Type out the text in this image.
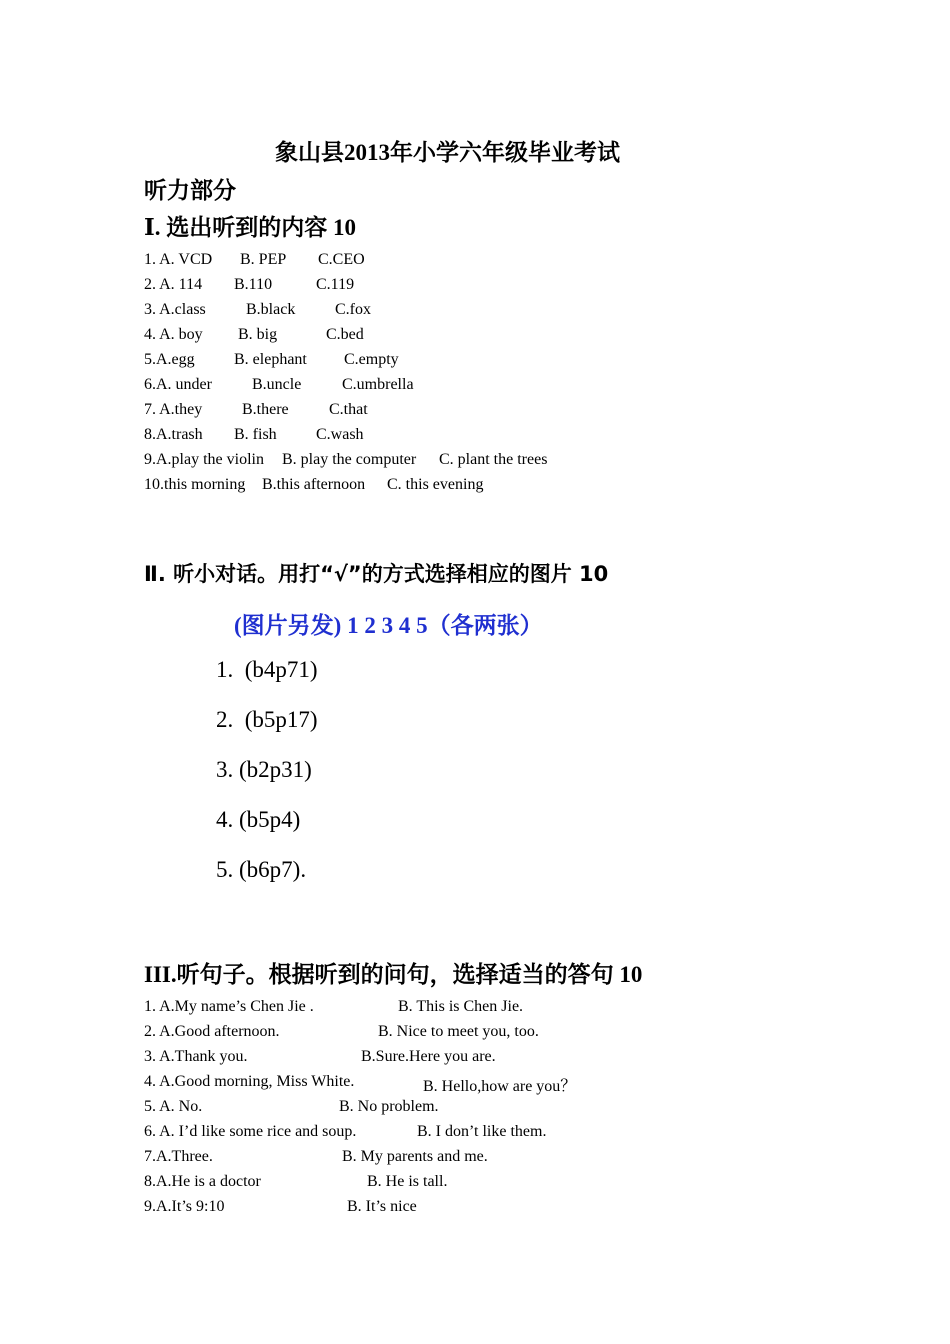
象山县2013年小学六年级毕业考试
听力部分
Ⅰ. 选出听到的内容 10
1. A. VCD B. PEP C.CEO
2. A. 114 B.110	C.119
3. A.class	B.black C.fox
4. A. boy B. big	C.bed
5.A.egg B. elephant C.empty
6.A. under	B.uncle	C.umbrella
7. A.they B.there	C.that
8.A.trash B. fish C.wash
9.A.play the violin B. play the computer C. plant the trees
10.this morning B.this afternoon C. this evening
Ⅱ. 听小对话。用打“√”的方式选择相应的图片 10
(图片另发) 1 2 3 4 5（各两张）
1.  (b4p71)
2.  (b5p17)
3. (b2p31)
4. (b5p4)
5. (b6p7).
III.听句子。根据听到的问句，选择适当的答句 10
1. A.My name’s Chen Jie .	B. This is Chen Jie.
2. A.Good afternoon.	B. Nice to meet you, too.
3. A.Thank you.	B.Sure.Here you are.
4. A.Good morning, Miss White.	B. Hello,how are you？
5. A. No.	B. No problem.
6. A. I’d like some rice and soup.	B. I don’t like them.
7.A.Three.	B. My parents and me.
8.A.He is a doctor	B. He is tall.
9.A.It’s 9:10	B. It’s nice
